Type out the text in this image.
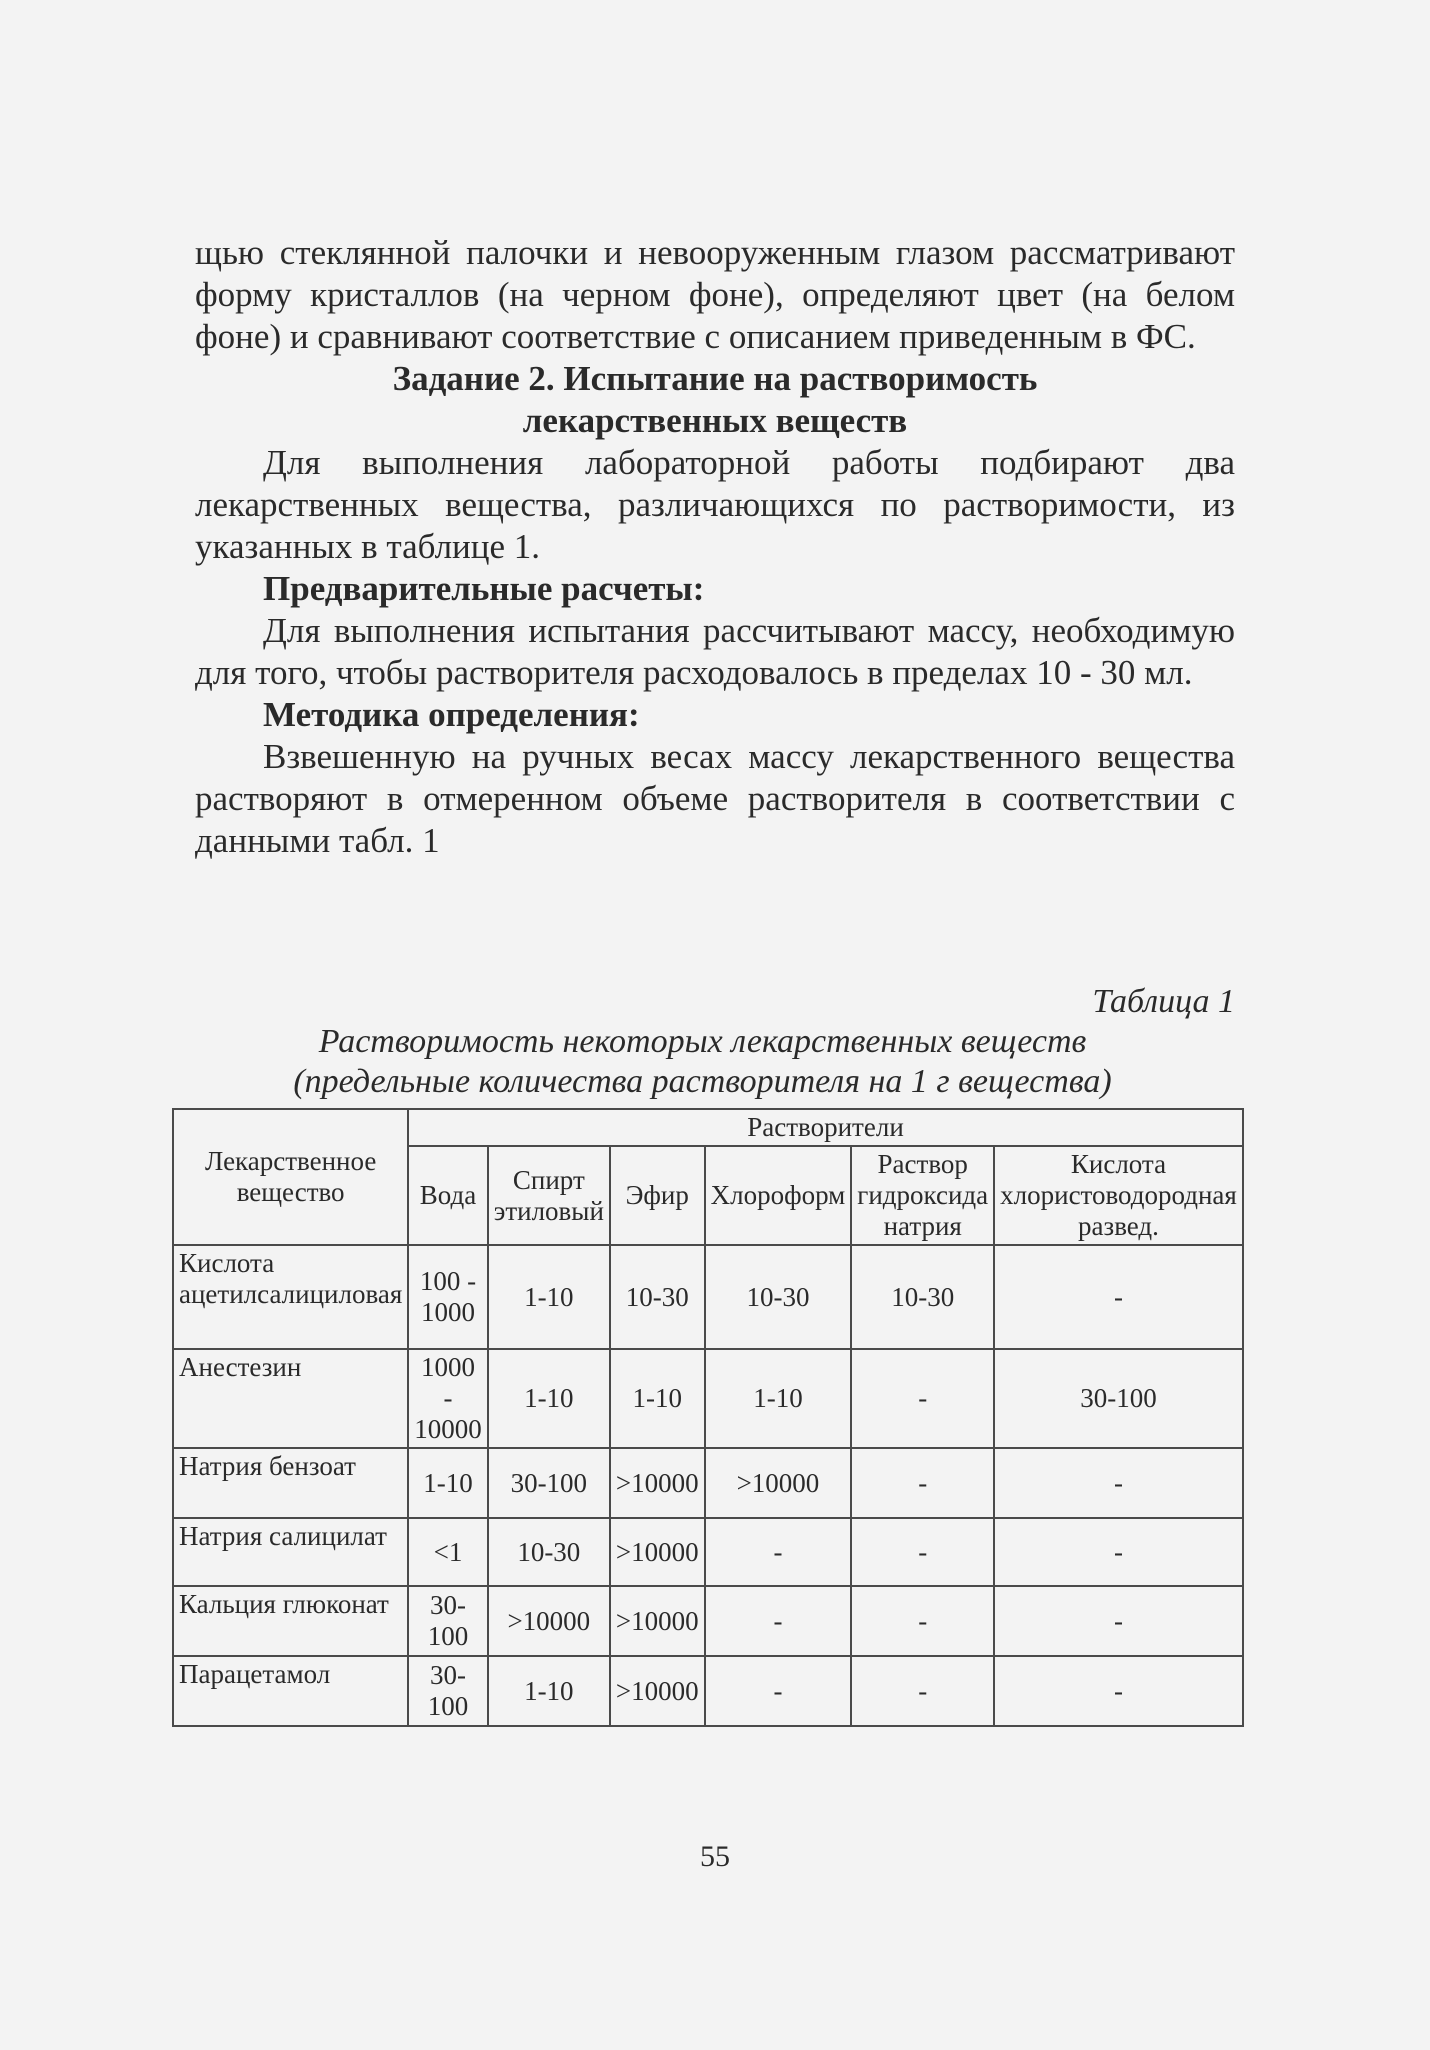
щью стеклянной палочки и невооруженным глазом рассматривают форму кристаллов (на черном фоне), определяют цвет (на белом фоне) и сравнивают соответствие с описанием приведенным в ФС.

Задание 2. Испытание на растворимость

лекарственных веществ

Для выполнения лабораторной работы подбирают два лекарственных вещества, различающихся по растворимости, из указанных в таблице 1.

Предварительные расчеты:

Для выполнения испытания рассчитывают массу, необходимую для того, чтобы растворителя расходовалось в пределах 10 - 30 мл.

Методика определения:

Взвешенную на ручных весах массу лекарственного вещества растворяют в отмеренном объеме растворителя в соответствии с данными табл. 1

Таблица 1

Растворимость некоторых лекарственных веществ

(предельные количества растворителя на 1 г вещества)

Лекарственное вещество	Растворители					
	Вода	Спирт этиловый	Эфир	Хлороформ	Раствор гидроксида натрия	Кислота хлористоводородная развед.
Кислота ацетилсалициловая	100 - 1000	1-10	10-30	10-30	10-30	-
Анестезин	1000 - 10000	1-10	1-10	1-10	-	30-100
Натрия бензоат	1-10	30-100	>10000	>10000	-	-
Натрия салицилат	<1	10-30	>10000	-	-	-
Кальция глюконат	30-100	>10000	>10000	-	-	-
Парацетамол	30-100	1-10	>10000	-	-	-
55
